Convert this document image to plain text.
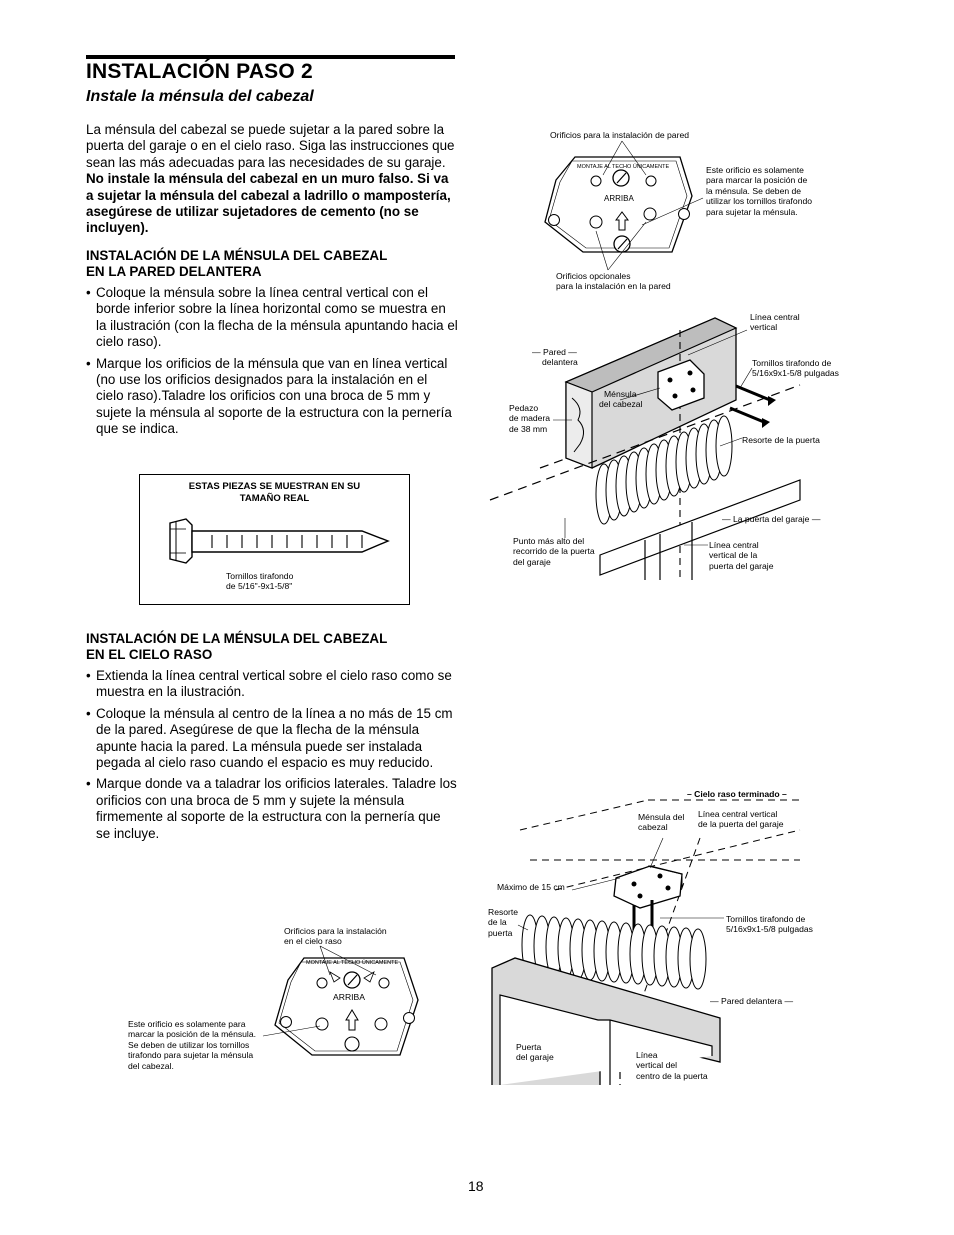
INSTALACIÓN PASO 2
Instale la ménsula del cabezal

La ménsula del cabezal se puede sujetar a la pared sobre la puerta del garaje o en el cielo raso. Siga las instrucciones que sean las más adecuadas para las necesidades de su garaje. No instale la ménsula del cabezal en un muro falso. Si va a sujetar la ménsula del cabezal a ladrillo o mampostería, asegúrese de utilizar sujetadores de cemento (no se incluyen).

INSTALACIÓN DE LA MÉNSULA DEL CABEZAL
EN LA PARED DELANTERA
• Coloque la ménsula sobre la línea central vertical con el borde inferior sobre la línea horizontal como se muestra en la ilustración (con la flecha de la ménsula apuntando hacia el cielo raso).
• Marque los orificios de la ménsula que van en línea vertical (no use los orificios designados para la instalación en el cielo raso).Taladre los orificios con una broca de 5 mm y sujete la ménsula al soporte de la estructura con la pernería que se indica.
ESTAS PIEZAS SE MUESTRAN EN SU
TAMAÑO REAL
Tornillos tirafondo
de 5/16"-9x1-5/8"
INSTALACIÓN DE LA MÉNSULA DEL CABEZAL
EN EL CIELO RASO
• Extienda la línea central vertical sobre el cielo raso como se muestra en la ilustración.
• Coloque la ménsula al centro de la línea a no más de 15 cm de la pared. Asegúrese de que la flecha de la ménsula apunte hacia la pared. La ménsula puede ser instalada pegada al cielo raso cuando el espacio es muy reducido.
• Marque donde va a taladrar los orificios laterales. Taladre los orificios con una broca de 5 mm y sujete la ménsula firmemente al soporte de la estructura con la pernería que se incluye.
Orificios para la instalación de pared
MONTAJE AL TECHO ÚNICAMENTE
ARRIBA
Este orificio es solamente
para marcar la posición de
la ménsula. Se deben de
utilizar los tornillos tirafondo
para sujetar la ménsula.
Orificios opcionales
para la instalación en la pared
— Pared —
delantera
Línea central
vertical
Tornillos tirafondo de
5/16x9x1-5/8 pulgadas
Ménsula
del cabezal
Pedazo
de madera
de 38 mm
Resorte de la puerta
— La puerta del garaje —
Punto más alto del
recorrido de la puerta
del garaje
Línea central
vertical de la
puerta del garaje
– Cielo raso terminado –
Ménsula del
cabezal
Línea central vertical
de la puerta del garaje
Máximo de 15 cm
Resorte
de la
puerta
Tornillos tirafondo de
5/16x9x1-5/8 pulgadas
— Pared delantera —
Puerta
del garaje	Línea
vertical del
centro de la puerta
Orificios para la instalación
en el cielo raso
MONTAJE AL TECHO ÚNICAMENTE
ARRIBA
Este orificio es solamente para
marcar la posición de la ménsula.
Se deben de utilizar los tornillos
tirafondo para sujetar la ménsula
del cabezal.
18
